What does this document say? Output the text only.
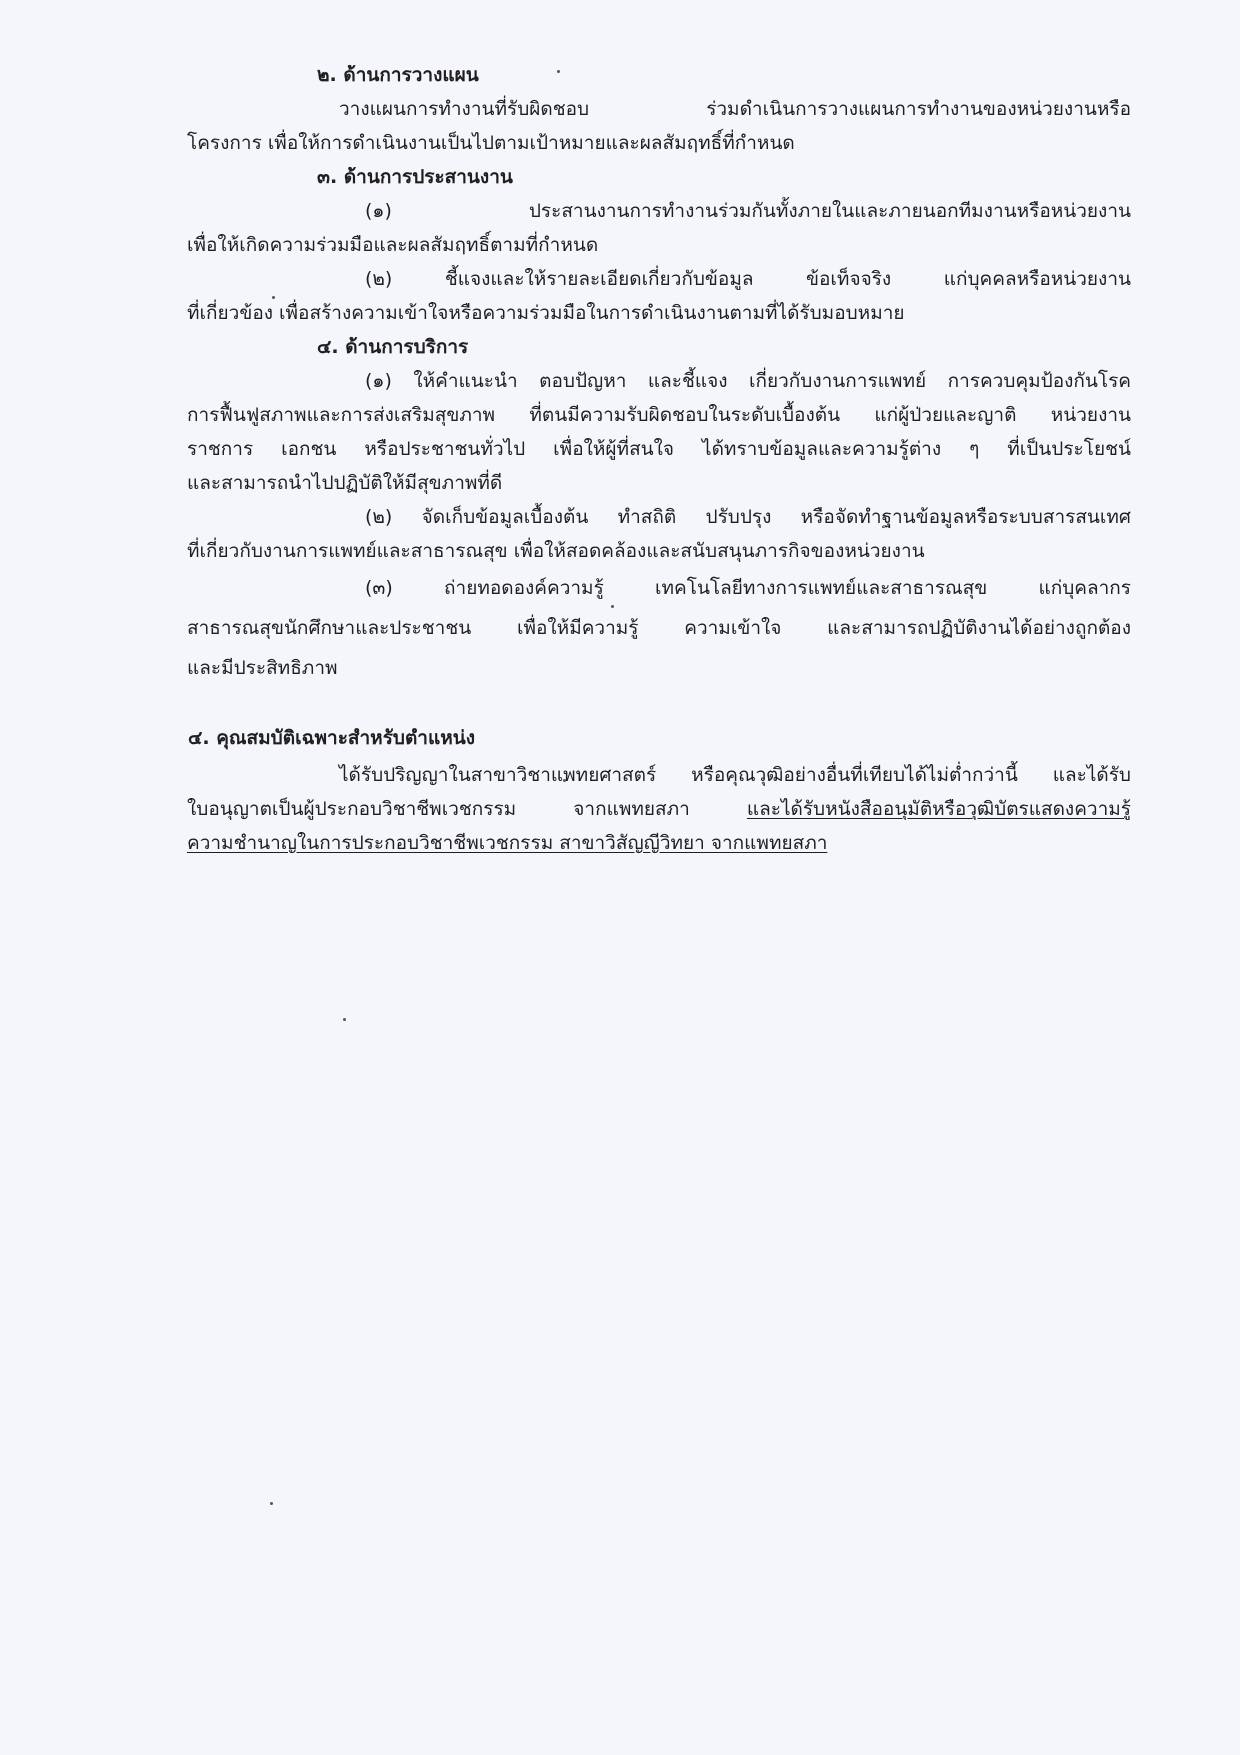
๒. ด้านการวางแผน
วางแผนการทำงานที่รับผิดชอบ ร่วมดำเนินการวางแผนการทำงานของหน่วยงานหรือ
โครงการ เพื่อให้การดำเนินงานเป็นไปตามเป้าหมายและผลสัมฤทธิ์ที่กำหนด
๓. ด้านการประสานงาน
(๑) ประสานงานการทำงานร่วมกันทั้งภายในและภายนอกทีมงานหรือหน่วยงาน
เพื่อให้เกิดความร่วมมือและผลสัมฤทธิ์ตามที่กำหนด
(๒) ชี้แจงและให้รายละเอียดเกี่ยวกับข้อมูล ข้อเท็จจริง แก่บุคคลหรือหน่วยงาน
ที่เกี่ยวข้อง เพื่อสร้างความเข้าใจหรือความร่วมมือในการดำเนินงานตามที่ได้รับมอบหมาย
๔. ด้านการบริการ
(๑) ให้คำแนะนำ ตอบปัญหา และชี้แจง เกี่ยวกับงานการแพทย์ การควบคุมป้องกันโรค
การฟื้นฟูสภาพและการส่งเสริมสุขภาพ ที่ตนมีความรับผิดชอบในระดับเบื้องต้น แก่ผู้ป่วยและญาติ หน่วยงาน
ราชการ เอกชน หรือประชาชนทั่วไป เพื่อให้ผู้ที่สนใจ ได้ทราบข้อมูลและความรู้ต่าง ๆ ที่เป็นประโยชน์
และสามารถนำไปปฏิบัติให้มีสุขภาพที่ดี
(๒) จัดเก็บข้อมูลเบื้องต้น ทำสถิติ ปรับปรุง หรือจัดทำฐานข้อมูลหรือระบบสารสนเทศ
ที่เกี่ยวกับงานการแพทย์และสาธารณสุข เพื่อให้สอดคล้องและสนับสนุนภารกิจของหน่วยงาน
(๓) ถ่ายทอดองค์ความรู้ เทคโนโลยีทางการแพทย์และสาธารณสุข แก่บุคลากร
สาธารณสุขนักศึกษาและประชาชน เพื่อให้มีความรู้ ความเข้าใจ และสามารถปฏิบัติงานได้อย่างถูกต้อง
และมีประสิทธิภาพ
๔. คุณสมบัติเฉพาะสำหรับตำแหน่ง
ได้รับปริญญาในสาขาวิชาแพทยศาสตร์ หรือคุณวุฒิอย่างอื่นที่เทียบได้ไม่ต่ำกว่านี้ และได้รับ
ใบอนุญาตเป็นผู้ประกอบวิชาชีพเวชกรรม จากแพทยสภา และได้รับหนังสืออนุมัติหรือวุฒิบัตรแสดงความรู้
ความชำนาญในการประกอบวิชาชีพเวชกรรม สาขาวิสัญญีวิทยา จากแพทยสภา
